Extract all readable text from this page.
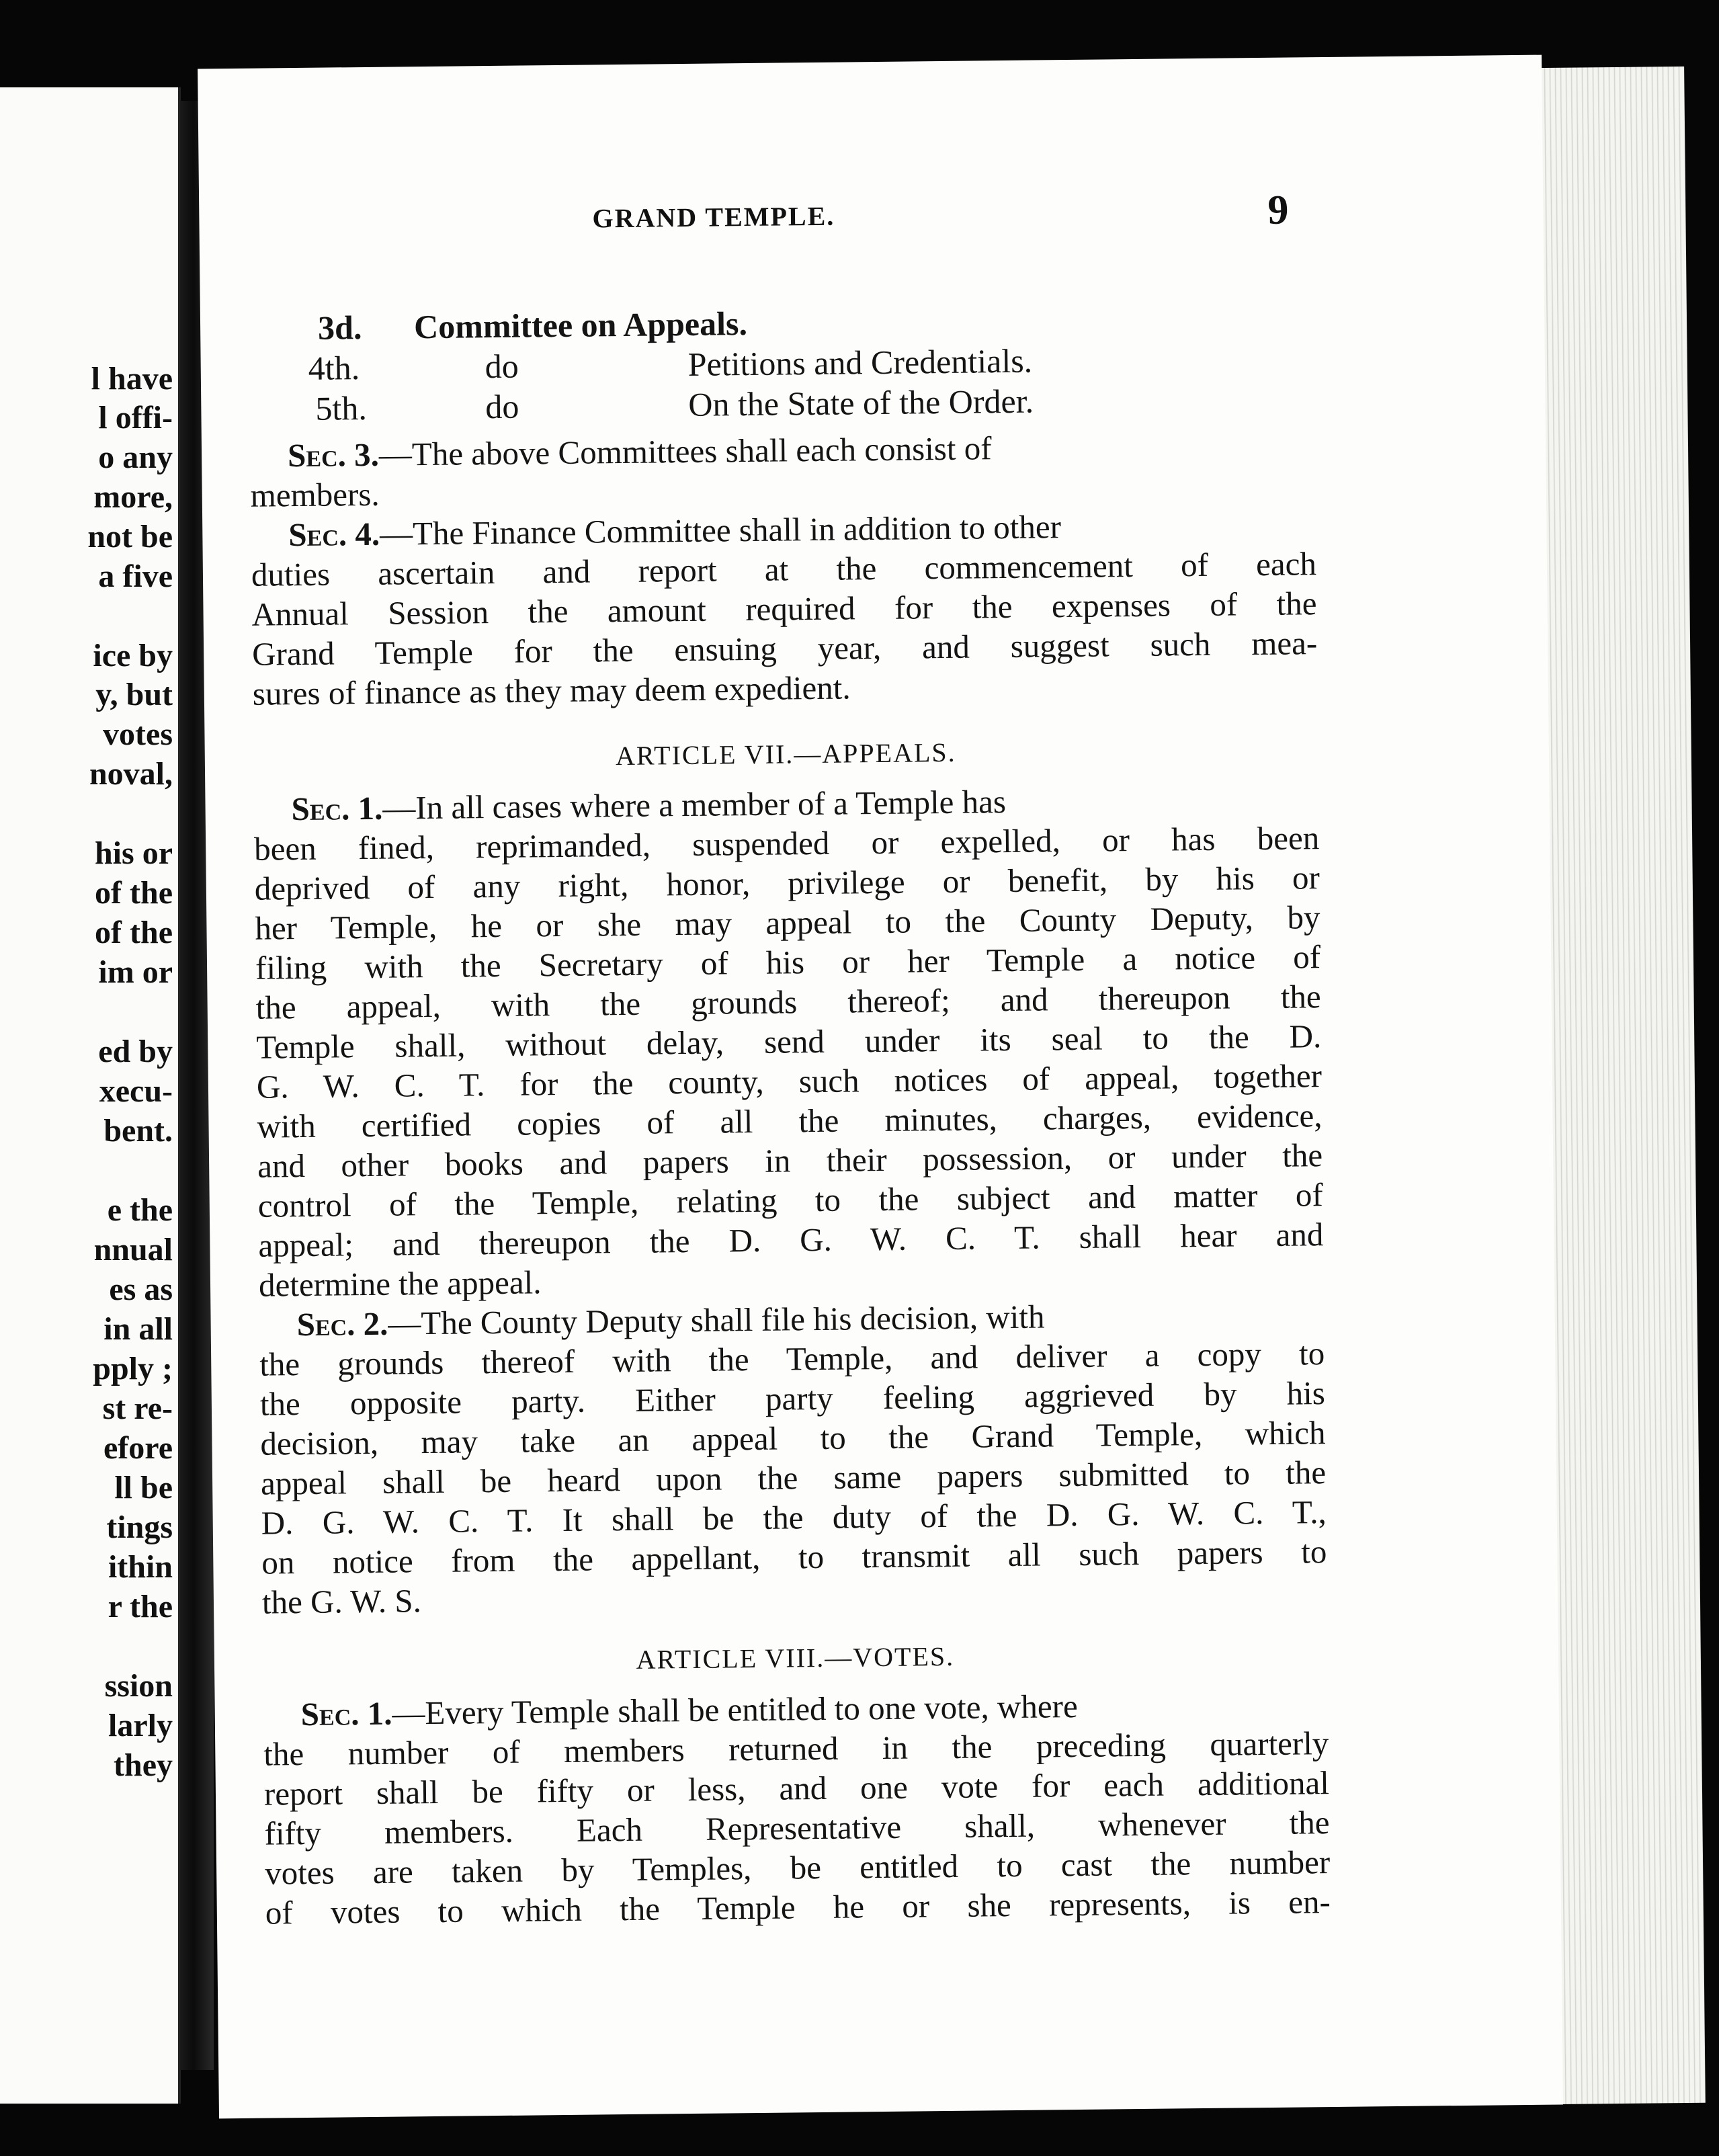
l have
l offi-
o any
more,
not be
a five
ice by
y, but
votes
noval,
his or
of the
of the
im or
ed by
xecu-
bent.
e the
nnual
es as
in all
pply ;
st re-
efore
ll be
tings
ithin
r the
ssion
larly
they
GRAND TEMPLE.	9
3d. Committee on Appeals.
4th.	do	Petitions and Credentials.
5th.	do	On the State of the Order.
Sec. 3.—The above Committees shall each consist of
members.
Sec. 4.—The Finance Committee shall in addition to other
duties ascertain and report at the commencement of each
Annual Session the amount required for the expenses of the
Grand Temple for the ensuing year, and suggest such mea-
sures of finance as they may deem expedient.
ARTICLE VII.—APPEALS.
Sec. 1.—In all cases where a member of a Temple has
been fined, reprimanded, suspended or expelled, or has been
deprived of any right, honor, privilege or benefit, by his or
her Temple, he or she may appeal to the County Deputy, by
filing with the Secretary of his or her Temple a notice of
the appeal, with the grounds thereof; and thereupon the
Temple shall, without delay, send under its seal to the D.
G. W. C. T. for the county, such notices of appeal, together
with certified copies of all the minutes, charges, evidence,
and other books and papers in their possession, or under the
control of the Temple, relating to the subject and matter of
appeal; and thereupon the D. G. W. C. T. shall hear and
determine the appeal.
Sec. 2.—The County Deputy shall file his decision, with
the grounds thereof with the Temple, and deliver a copy to
the opposite party. Either party feeling aggrieved by his
decision, may take an appeal to the Grand Temple, which
appeal shall be heard upon the same papers submitted to the
D. G. W. C. T. It shall be the duty of the D. G. W. C. T.,
on notice from the appellant, to transmit all such papers to
the G. W. S.
ARTICLE VIII.—VOTES.
Sec. 1.—Every Temple shall be entitled to one vote, where
the number of members returned in the preceding quarterly
report shall be fifty or less, and one vote for each additional
fifty members. Each Representative shall, whenever the
votes are taken by Temples, be entitled to cast the number
of votes to which the Temple he or she represents, is en-
